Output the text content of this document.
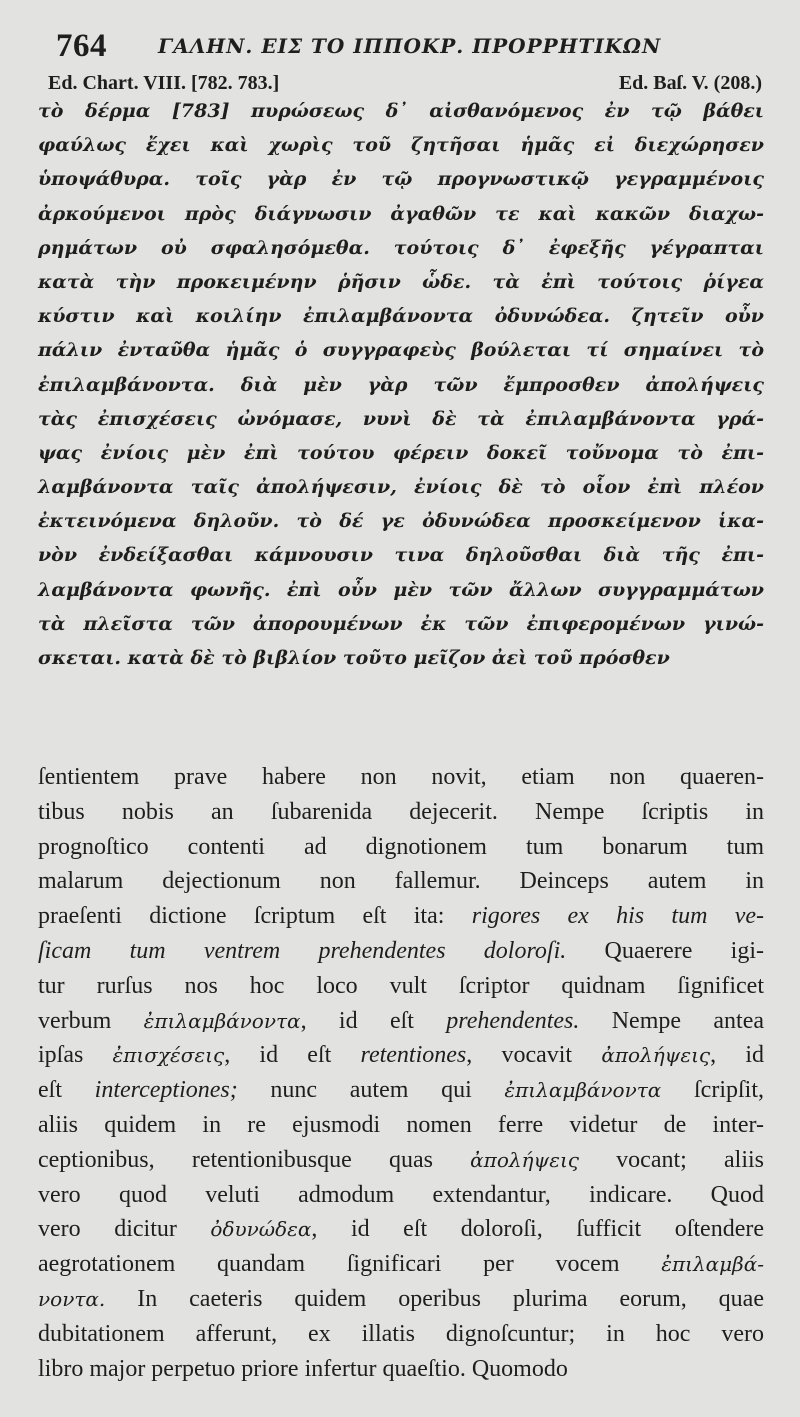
764	ΓΑΛΗΝ. ΕΙΣ ΤΟ ΙΠΠΟΚΡ. ΠΡΟΡΡΗΤΙΚΩΝ
Ed. Chart. VIII. [782. 783.]	Ed. Baſ. V. (208.)
τὸ δέρμα [783] πυρώσεως δ᾽ αἰσθανόμενος ἐν τῷ βάθει
φαύλως ἔχει καὶ χωρὶς τοῦ ζητῆσαι ἡμᾶς εἰ διεχώρησεν
ὑποψάθυρα. τοῖς γὰρ ἐν τῷ προγνωστικῷ γεγραμμένοις
ἀρκούμενοι πρὸς διάγνωσιν ἀγαθῶν τε καὶ κακῶν διαχω-
ρημάτων οὐ σφαλησόμεθα. τούτοις δ᾽ ἐφεξῆς γέγραπται
κατὰ τὴν προκειμένην ῥῆσιν ὧδε. τὰ ἐπὶ τούτοις ῥίγεα
κύστιν καὶ κοιλίην ἐπιλαμβάνοντα ὀδυνώδεα. ζητεῖν οὖν
πάλιν ἐνταῦθα ἡμᾶς ὁ συγγραφεὺς βούλεται τί σημαίνει τὸ
ἐπιλαμβάνοντα. διὰ μὲν γὰρ τῶν ἔμπροσθεν ἀπολήψεις
τὰς ἐπισχέσεις ὠνόμασε, νυνὶ δὲ τὰ ἐπιλαμβάνοντα γρά-
ψας ἐνίοις μὲν ἐπὶ τούτου φέρειν δοκεῖ τοὔνομα τὸ ἐπι-
λαμβάνοντα ταῖς ἀπολήψεσιν, ἐνίοις δὲ τὸ οἷον ἐπὶ πλέον
ἐκτεινόμενα δηλοῦν. τὸ δέ γε ὀδυνώδεα προσκείμενον ἱκα-
νὸν ἐνδείξασθαι κάμνουσιν τινα δηλοῦσθαι διὰ τῆς ἐπι-
λαμβάνοντα φωνῆς. ἐπὶ οὖν μὲν τῶν ἄλλων συγγραμμάτων
τὰ πλεῖστα τῶν ἀπορουμένων ἐκ τῶν ἐπιφερομένων γινώ-
σκεται. κατὰ δὲ τὸ βιβλίον τοῦτο μεῖζον ἀεὶ τοῦ πρόσθεν
ſentientem prave habere non novit, etiam non quaeren-
tibus nobis an ſubarenida dejecerit. Nempe ſcriptis in
prognoſtico contenti ad dignotionem tum bonarum tum
malarum dejectionum non fallemur. Deinceps autem in
praeſenti dictione ſcriptum eſt ita: rigores ex his tum ve-
ſicam tum ventrem prehendentes doloroſi. Quaerere igi-
tur rurſus nos hoc loco vult ſcriptor quidnam ſignificet
verbum ἐπιλαμβάνοντα, id eſt prehendentes. Nempe antea
ipſas ἐπισχέσεις, id eſt retentiones, vocavit ἀπολήψεις, id
eſt interceptiones; nunc autem qui ἐπιλαμβάνοντα ſcripſit,
aliis quidem in re ejusmodi nomen ferre videtur de inter-
ceptionibus, retentionibusque quas ἀπολήψεις vocant; aliis
vero quod veluti admodum extendantur, indicare. Quod
vero dicitur ὀδυνώδεα, id eſt doloroſi, ſufficit oſtendere
aegrotationem quandam ſignificari per vocem ἐπιλαμβά-
νοντα. In caeteris quidem operibus plurima eorum, quae
dubitationem afferunt, ex illatis dignoſcuntur; in hoc vero
libro major perpetuo priore infertur quaeſtio. Quomodo
